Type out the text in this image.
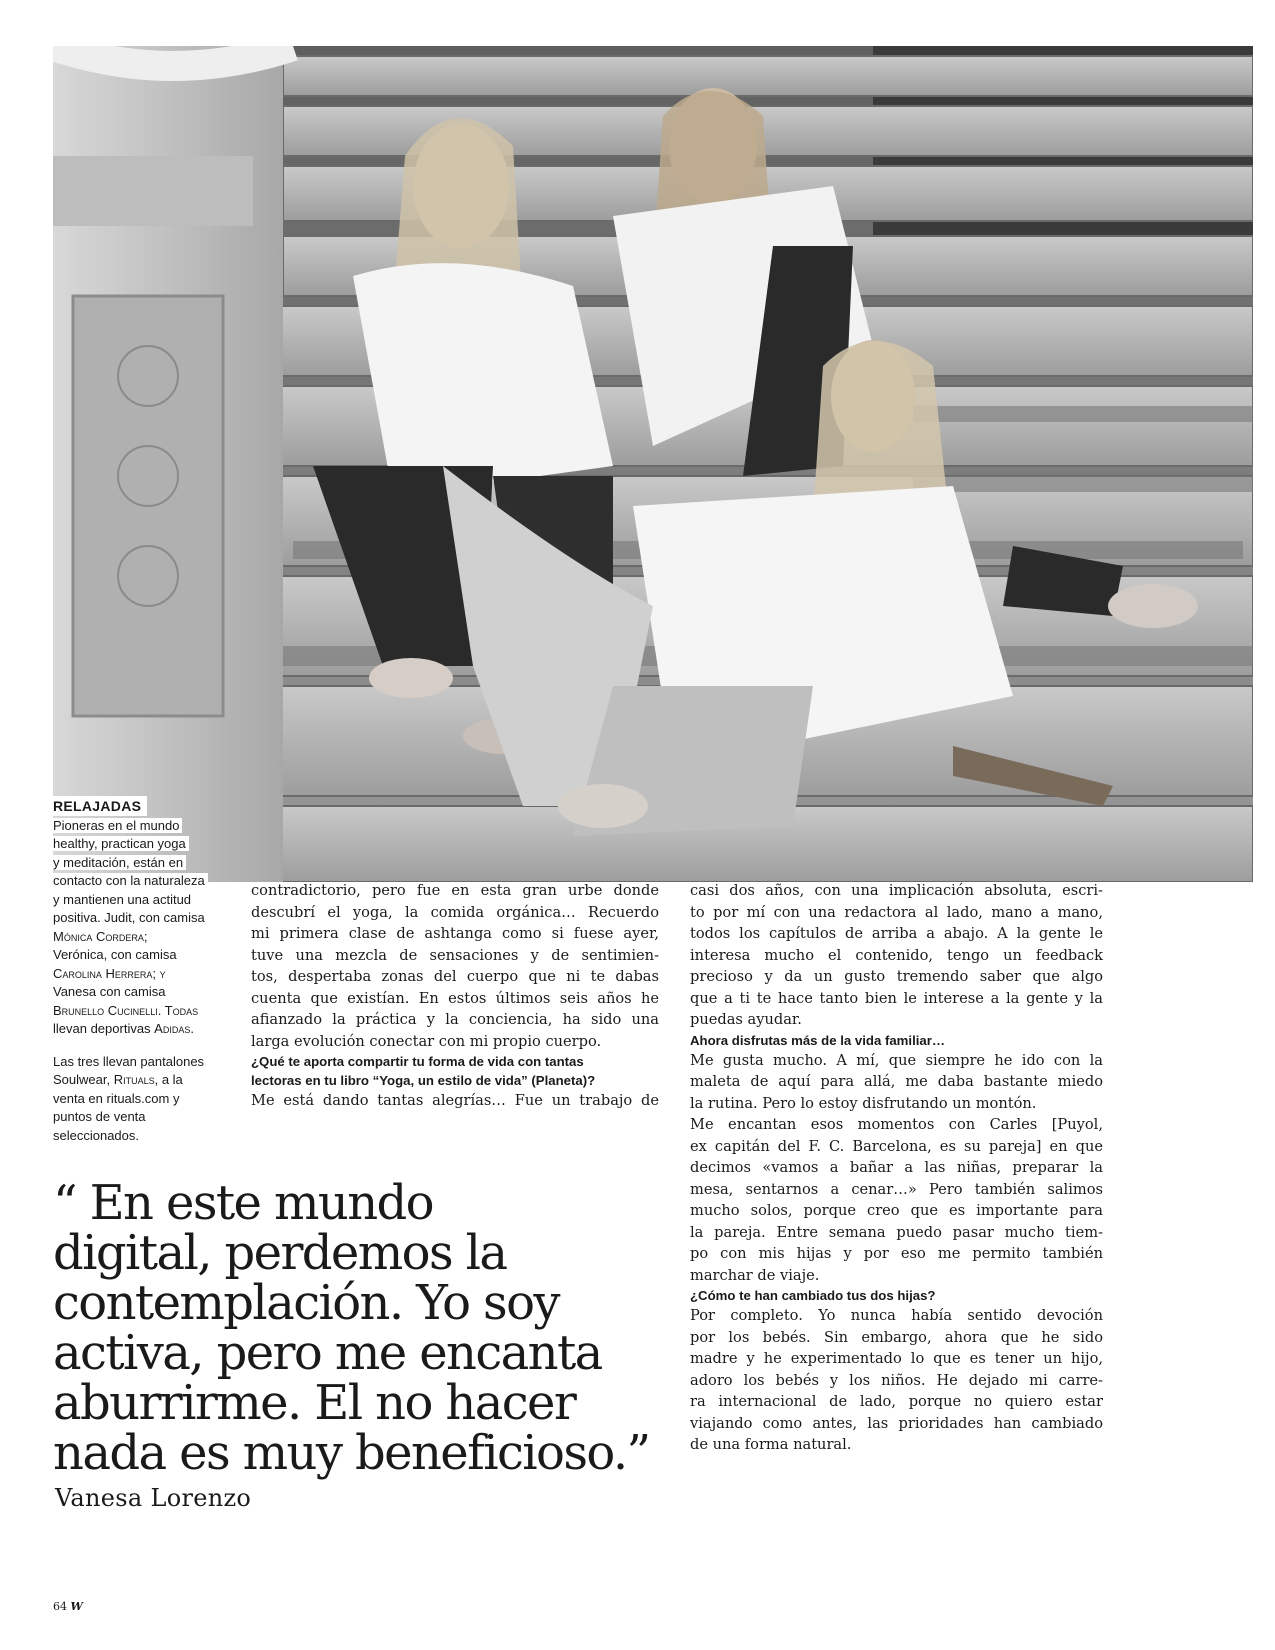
RELAJADAS
Pioneras en el mundo
healthy, practican yoga
y meditación, están en
contacto con la naturaleza
y mantienen una actitud
positiva. Judit, con camisa
Mónica Cordera;
Verónica, con camisa
Carolina Herrera; y
Vanesa con camisa
Brunello Cucinelli. Todas
llevan deportivas Adidas.
Las tres llevan pantalones
Soulwear, Rituals, a la
venta en rituals.com y
puntos de venta
seleccionados.
contradictorio, pero fue en esta gran urbe donde
descubrí el yoga, la comida orgánica… Recuerdo
mi primera clase de ashtanga como si fuese ayer,
tuve una mezcla de sensaciones y de sentimien-
tos, despertaba zonas del cuerpo que ni te dabas
cuenta que existían. En estos últimos seis años he
afianzado la práctica y la conciencia, ha sido una
larga evolución conectar con mi propio cuerpo.
¿Qué te aporta compartir tu forma de vida con tantas
lectoras en tu libro “Yoga, un estilo de vida” (Planeta)?
Me está dando tantas alegrías… Fue un trabajo de
casi dos años, con una implicación absoluta, escri-
to por mí con una redactora al lado, mano a mano,
todos los capítulos de arriba a abajo. A la gente le
interesa mucho el contenido, tengo un feedback
precioso y da un gusto tremendo saber que algo
que a ti te hace tanto bien le interese a la gente y la
puedas ayudar.
Ahora disfrutas más de la vida familiar…
Me gusta mucho. A mí, que siempre he ido con la
maleta de aquí para allá, me daba bastante miedo
la rutina. Pero lo estoy disfrutando un montón.
Me encantan esos momentos con Carles [Puyol,
ex capitán del F. C. Barcelona, es su pareja] en que
decimos «vamos a bañar a las niñas, preparar la
mesa, sentarnos a cenar…» Pero también salimos
mucho solos, porque creo que es importante para
la pareja. Entre semana puedo pasar mucho tiem-
po con mis hijas y por eso me permito también
marchar de viaje.
¿Cómo te han cambiado tus dos hijas?
Por completo. Yo nunca había sentido devoción
por los bebés. Sin embargo, ahora que he sido
madre y he experimentado lo que es tener un hijo,
adoro los bebés y los niños. He dejado mi carre-
ra internacional de lado, porque no quiero estar
viajando como antes, las prioridades han cambiado
de una forma natural.
“ En este mundo
digital, perdemos la
contemplación. Yo soy
activa, pero me encanta
aburrirme. El no hacer
nada es muy beneficioso.”
Vanesa Lorenzo
64 W
